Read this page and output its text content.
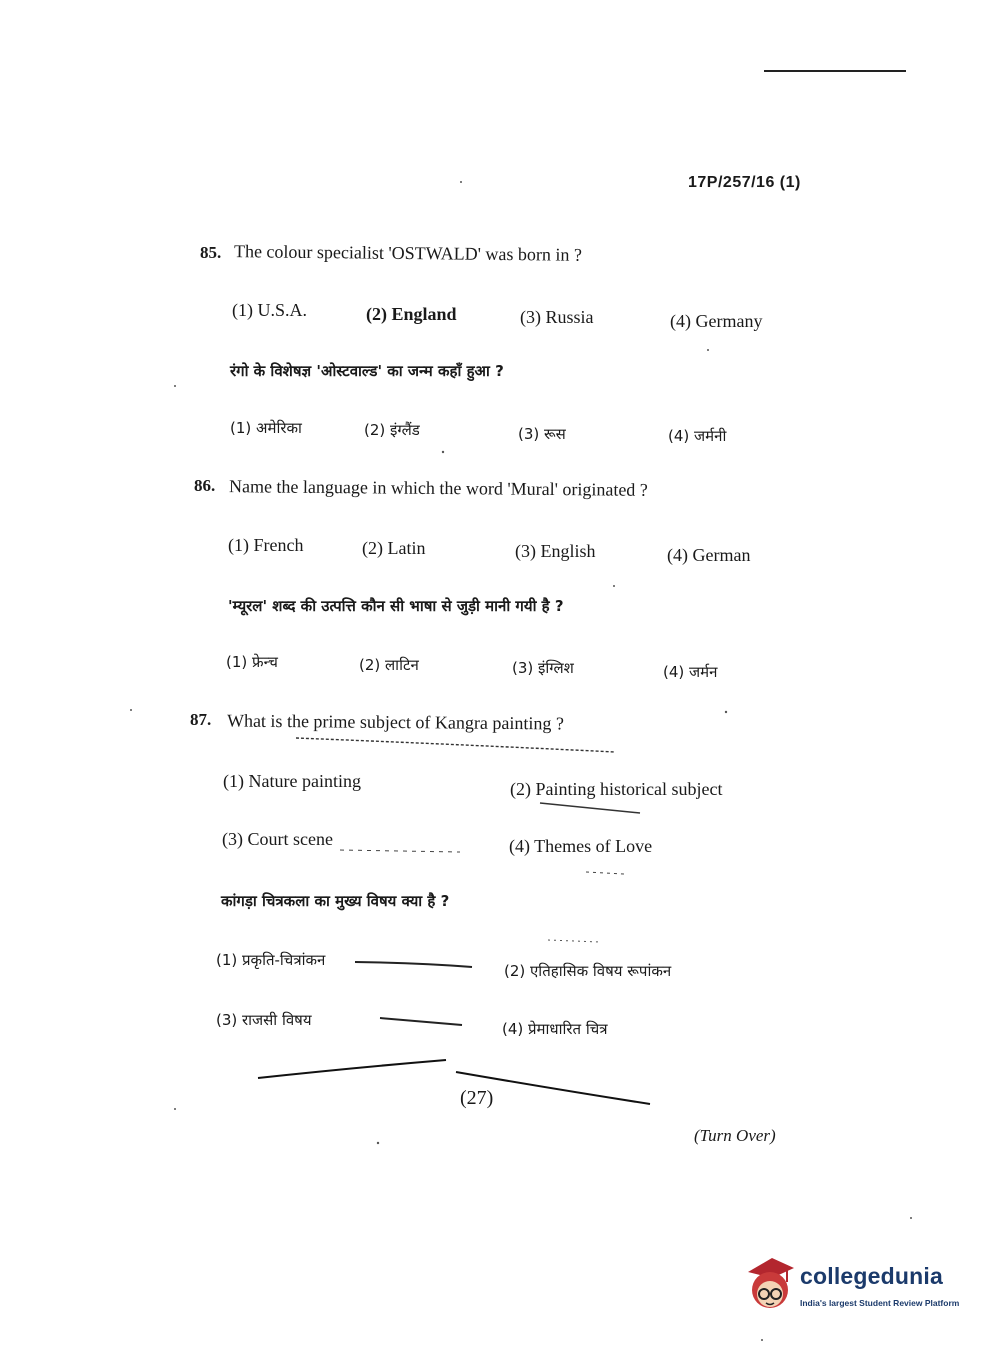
17P/257/16 (1)
85. The colour specialist 'OSTWALD' was born in ?
(1) U.S.A.	(2) England	(3) Russia	(4) Germany
रंगो के विशेषज्ञ 'ओस्टवाल्ड' का जन्म कहाँ हुआ ?
(1) अमेरिका	(2) इंग्लैंड	(3) रूस	(4) जर्मनी
86. Name the language in which the word 'Mural' originated ?
(1) French	(2) Latin	(3) English	(4) German
'म्यूरल' शब्द की उत्पत्ति कौन सी भाषा से जुड़ी मानी गयी है ?
(1) फ्रेन्च	(2) लाटिन	(3) इंग्लिश	(4) जर्मन
87. What is the prime subject of Kangra painting ?
(1) Nature painting	(2) Painting historical subject
(3) Court scene	(4) Themes of Love
कांगड़ा चित्रकला का मुख्य विषय क्या है ?
(1) प्रकृति-चित्रांकन
(2) एतिहासिक विषय रूपांकन
(3) राजसी विषय	(4) प्रेमाधारित चित्र
(27)
(Turn Over)
collegedunia
India's largest Student Review Platform
